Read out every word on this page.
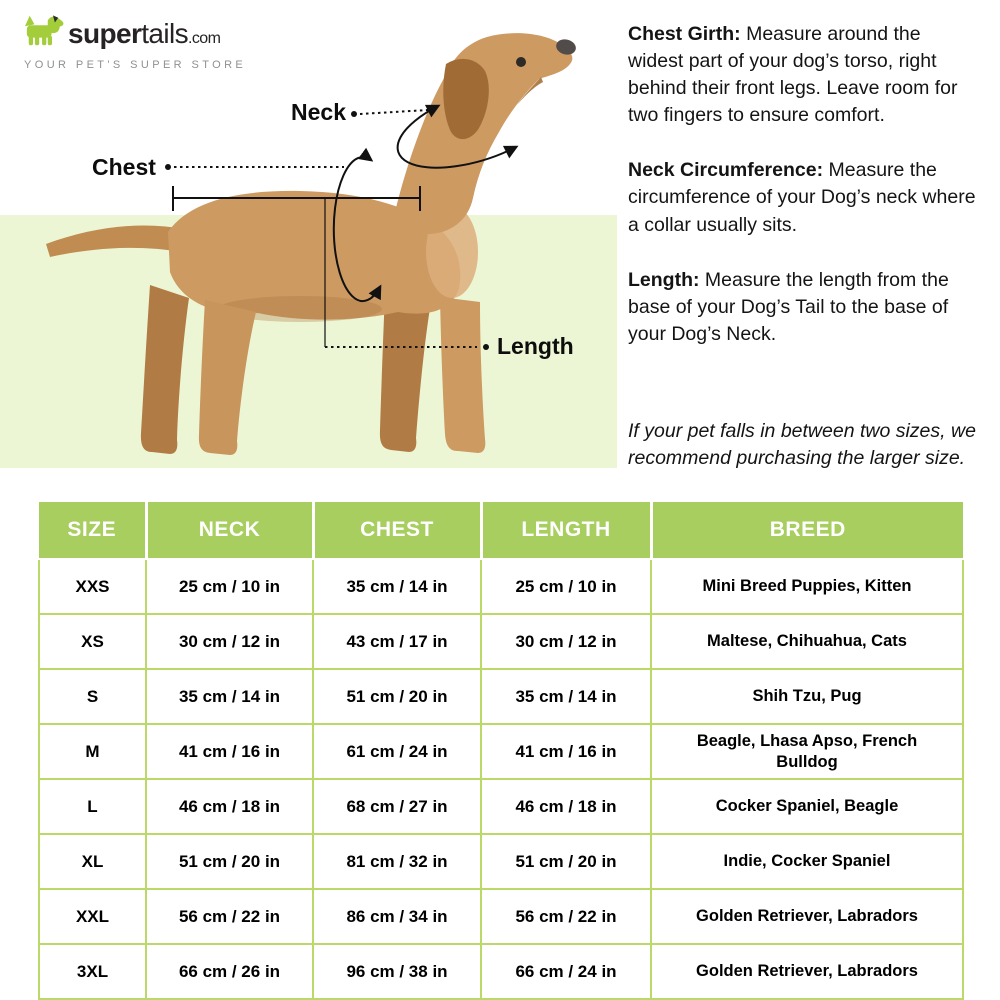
supertails.com
YOUR PET'S SUPER STORE
Neck
Chest
Length

Chest Girth: Measure around the widest part of your dog’s torso, right behind their front legs. Leave room for two fingers to ensure comfort.

Neck Circumference: Measure the circumference of your Dog’s neck where a collar usually sits.

Length: Measure the length from the base of your Dog’s Tail to the base of your Dog’s Neck.

If your pet falls in between two sizes, we recommend purchasing the larger size.
SIZE	NECK	CHEST	LENGTH	BREED
XXS	25 cm / 10 in	35 cm / 14 in	25 cm / 10 in	Mini Breed Puppies, Kitten
XS	30 cm / 12 in	43 cm / 17 in	30 cm / 12 in	Maltese, Chihuahua, Cats
S	35 cm / 14 in	51 cm / 20 in	35 cm / 14 in	Shih Tzu, Pug
M	41 cm / 16 in	61 cm / 24 in	41 cm / 16 in	Beagle, Lhasa Apso, French Bulldog
L	46 cm / 18 in	68 cm / 27 in	46 cm / 18 in	Cocker Spaniel, Beagle
XL	51 cm / 20 in	81 cm / 32 in	51 cm / 20 in	Indie, Cocker Spaniel
XXL	56 cm / 22 in	86 cm / 34 in	56 cm / 22 in	Golden Retriever, Labradors
3XL	66 cm / 26 in	96 cm / 38 in	66 cm / 24 in	Golden Retriever, Labradors
